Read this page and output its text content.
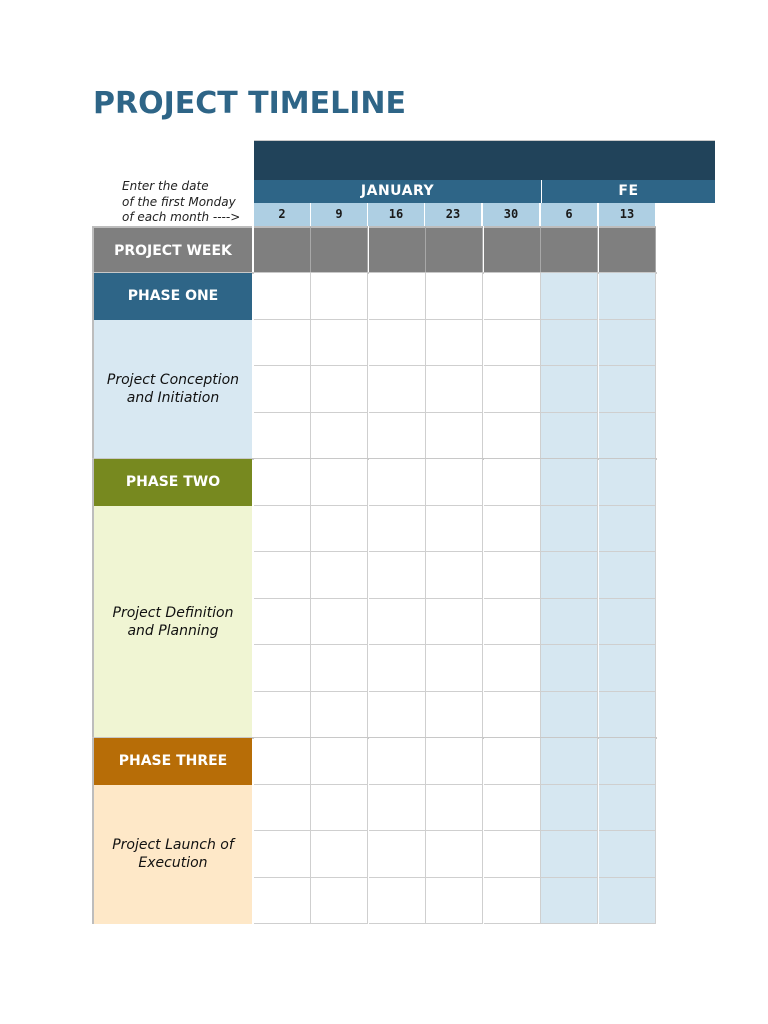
PROJECT TIMELINE
Enter the date
of the first Monday
of each month ---->
JANUARY	FE
2	9	16	23	30	6	13
PROJECT WEEK
PHASE ONE
Project Conception and Initiation
PHASE TWO
Project Definition and Planning
PHASE THREE
Project Launch of Execution
